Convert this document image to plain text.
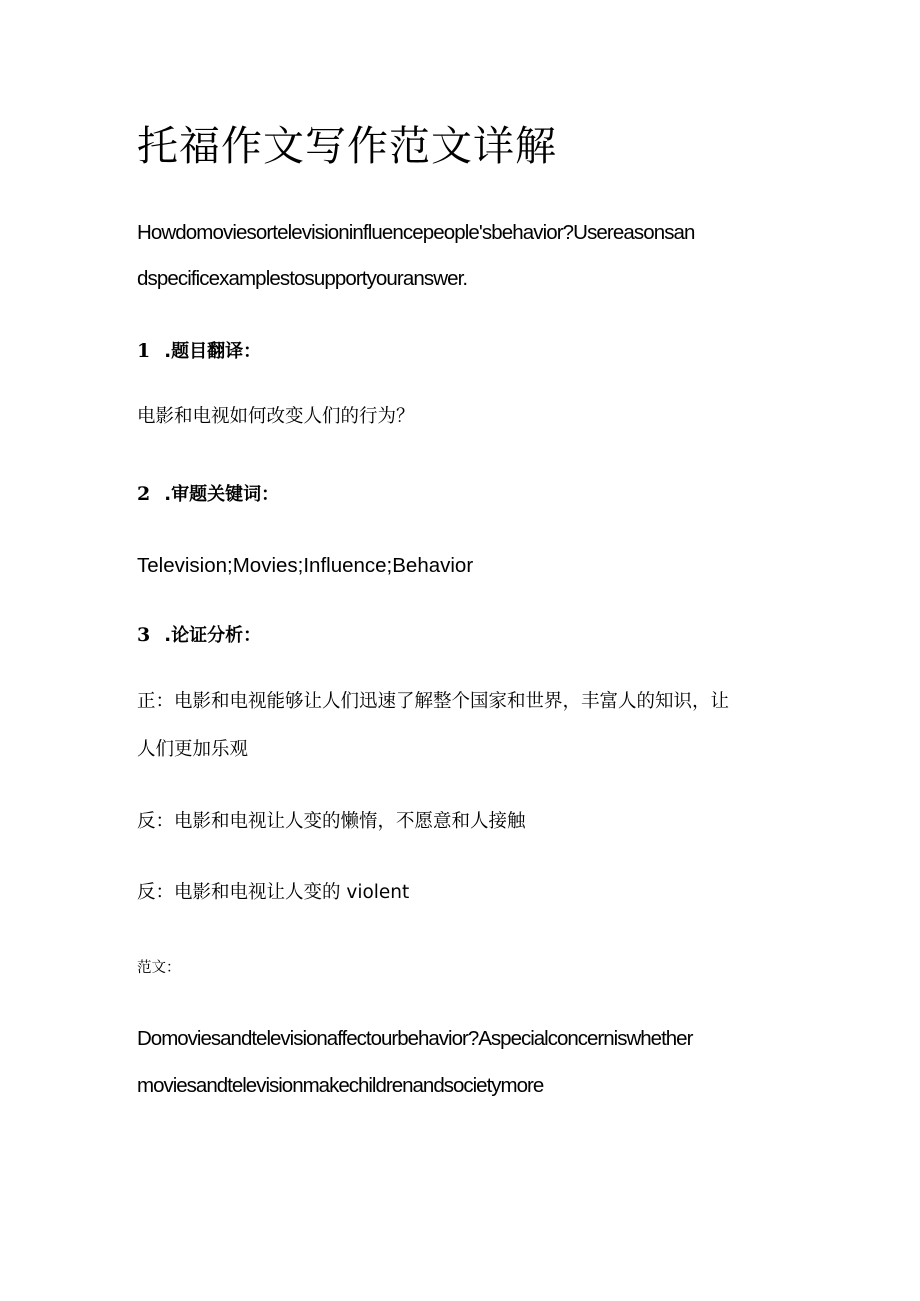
托福作文写作范文详解

Howdomoviesortelevisioninfluencepeople'sbehavior?Usereasonsan

dspecificexamplestosupportyouranswer.

1 .题目翻译：

电影和电视如何改变人们的行为？

2 .审题关键词：

Television;Movies;Influence;Behavior

3 .论证分析：

正：电影和电视能够让人们迅速了解整个国家和世界，丰富人的知识，让

人们更加乐观

反：电影和电视让人变的懒惰，不愿意和人接触

反：电影和电视让人变的 violent

范文：

Domoviesandtelevisionaffectourbehavior?Aspecialconcerniswhether

moviesandtelevisionmakechildrenandsocietymore
